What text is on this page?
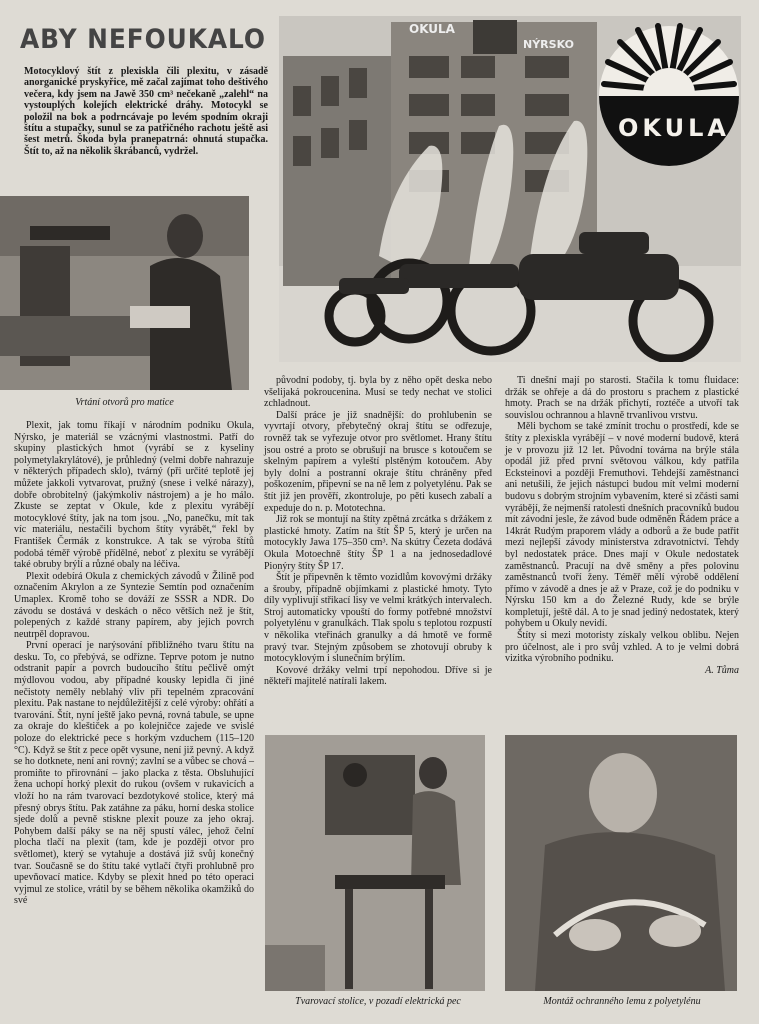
ABY NEFOUKALO
Motocyklový štít z plexiskla čili plexitu, v zásadě anorganické pryskyřice, mě začal zajímat toho deštivého večera, kdy jsem na Jawě 350 cm³ nečekaně „zalehl“ na vystouplých kolejích elektrické dráhy. Motocykl se položil na bok a podrncávaje po levém spodním okraji štítu a stupačky, sunul se za patřičného rachotu ještě asi šest metrů. Škoda byla pranepatrná: ohnutá stupačka. Štít to, až na několik škrábanců, vydržel.
OKULA
NÝRSKO
OKULA
Vrtání otvorů pro matice

Plexit, jak tomu říkají v národním podniku Okula, Nýrsko, je materiál se vzácnými vlastnostmi. Patří do skupiny plastických hmot (vyrábí se z kyseliny polymetylakrylátové), je průhledný (velmi dobře nahrazuje v některých případech sklo), tvárný (při určité teplotě jej můžete jakkoli vytvarovat, pružný (snese i velké nárazy), dobře obrobitelný (jakýmkoliv nástrojem) a je ho málo. Zkuste se zeptat v Okule, kde z plexitu vyrábějí motocyklové štíty, jak na tom jsou. „No, panečku, mít tak víc materiálu, nestačili bychom štíty vyrábět,“ řekl by František Čermák z konstrukce. A tak se výroba štítů podobá téměř výrobě přídělné, neboť z plexitu se vyrábějí také obruby brýlí a různé obaly na léčiva.

Plexit odebírá Okula z chemických závodů v Žilině pod označením Akrylon a ze Syntezie Semtín pod označením Umaplex. Kromě toho se dováží ze SSSR a NDR. Do závodu se dostává v deskách o něco větších než je štít, polepených z každé strany papírem, aby jejich povrch neutrpěl dopravou.

První operací je narýsování přibližného tvaru štítu na desku. To, co přebývá, se odřízne. Teprve potom je nutno odstranit papír a povrch budoucího štítu pečlivě omýt mýdlovou vodou, aby případné kousky lepidla či jiné nečistoty neměly neblahý vliv při tepelném zpracování plexitu. Pak nastane to nejdůležitější z celé výroby: ohřátí a tvarování. Štít, nyní ještě jako pevná, rovná tabule, se upne za okraje do kleštiček a po kolejničce zajede ve svislé poloze do elektrické pece s horkým vzduchem (115–120 °C). Když se štít z pece opět vysune, není již pevný. A když se ho dotknete, není ani rovný; zavlní se a vůbec se chová – promiňte to přirovnání – jako placka z těsta. Obsluhující žena uchopí horký plexit do rukou (ovšem v rukavicích a vloží ho na rám tvarovací bezdotykové stolice, který má přesný obrys štítu. Pak zatáhne za páku, horní deska stolice sjede dolů a pevně stiskne plexit pouze za jeho okraj. Pohybem další páky se na něj spustí válec, jehož čelní plocha tlačí na plexit (tam, kde je později otvor pro světlomet), který se vytahuje a dostává již svůj konečný tvar. Současně se do štítu také vytlačí čtyři prohlubně pro upevňovací matice. Kdyby se plexit hned po této operaci vyjmul ze stolice, vrátil by se během několika okamžiků do své

původní podoby, tj. byla by z něho opět deska nebo všelijaká pokroucenina. Musí se tedy nechat ve stolici zchladnout.

Další práce je již snadnější: do prohlubenin se vyvrtají otvory, přebytečný okraj štítu se odřezuje, rovněž tak se vyřezuje otvor pro světlomet. Hrany štítu jsou ostré a proto se obrušují na brusce s kotoučem se skelným papírem a vyleští plstěným kotoučem. Aby byly dolní a postranní okraje štítu chráněny před poškozením, připevní se na ně lem z polyetylénu. Pak se štít již jen prověří, zkontroluje, po pěti kusech zabalí a expeduje do n. p. Mototechna.

Již rok se montují na štíty zpětná zrcátka s držákem z plastické hmoty. Zatím na štít ŠP 5, který je určen na motocykly Jawa 175–350 cm³. Na skútry Čezeta dodává Okula Motoechně štíty ŠP 1 a na jednosedadlové Pionýry štíty ŠP 17.

Štít je připevněn k těmto vozidlům kovovými držáky a šrouby, případně objímkami z plastické hmoty. Tyto díly vyplivují střikací lisy ve velmi krátkých intervalech. Stroj automaticky vpouští do formy potřebné množství polyetylénu v granulkách. Tlak spolu s teplotou rozpustí v několika vteřinách granulky a dá hmotě ve formě pravý tvar. Stejným způsobem se zhotovují obruby k motocyklovým i slunečním brýlím.

Kovové držáky velmi trpí nepohodou. Dříve si je někteří majitelé natírali lakem.

Ti dnešní mají po starosti. Stačila k tomu fluidace: držák se ohřeje a dá do prostoru s prachem z plastické hmoty. Prach se na držák přichytí, roztéče a utvoří tak souvislou ochrannou a hlavně trvanlivou vrstvu.

Měli bychom se také zmínit trochu o prostředí, kde se štíty z plexiskla vyrábějí – v nové moderní budově, která je v provozu již 12 let. Původní továrna na brýle stála opodál již před první světovou válkou, kdy patřila Ecksteinovi a později Fremuthovi. Tehdejší zaměstnanci ani netušili, že jejich nástupci budou mít velmi moderní budovu s dobrým strojním vybavením, které si zčásti sami vyrábějí, že nejmenší ratolesti dnešních pracovníků budou mít závodní jesle, že závod bude odměněn Řádem práce a 14krát Rudým praporem vlády a odborů a že bude patřit mezi nejlepší závody ministerstva zdravotnictví. Tehdy byl nedostatek práce. Dnes mají v Okule nedostatek zaměstnanců. Pracují na dvě směny a přes polovinu zaměstnanců tvoří ženy. Téměř mělí výrobě oddělení přímo v závodě a dnes je až v Praze, což je do podniku v Nýrsku 150 km a do Železné Rudy, kde se brýle kompletují, ještě dál. A to je snad jediný nedostatek, který pohybem u Okuly nevidí.

Štíty si mezi motoristy získaly velkou oblibu. Nejen pro účelnost, ale i pro svůj vzhled. A to je velmi dobrá vizitka výrobního podniku.

A. Tůma
Tvarovací stolice, v pozadí elektrická pec	Montáž ochranného lemu z polyetylénu
